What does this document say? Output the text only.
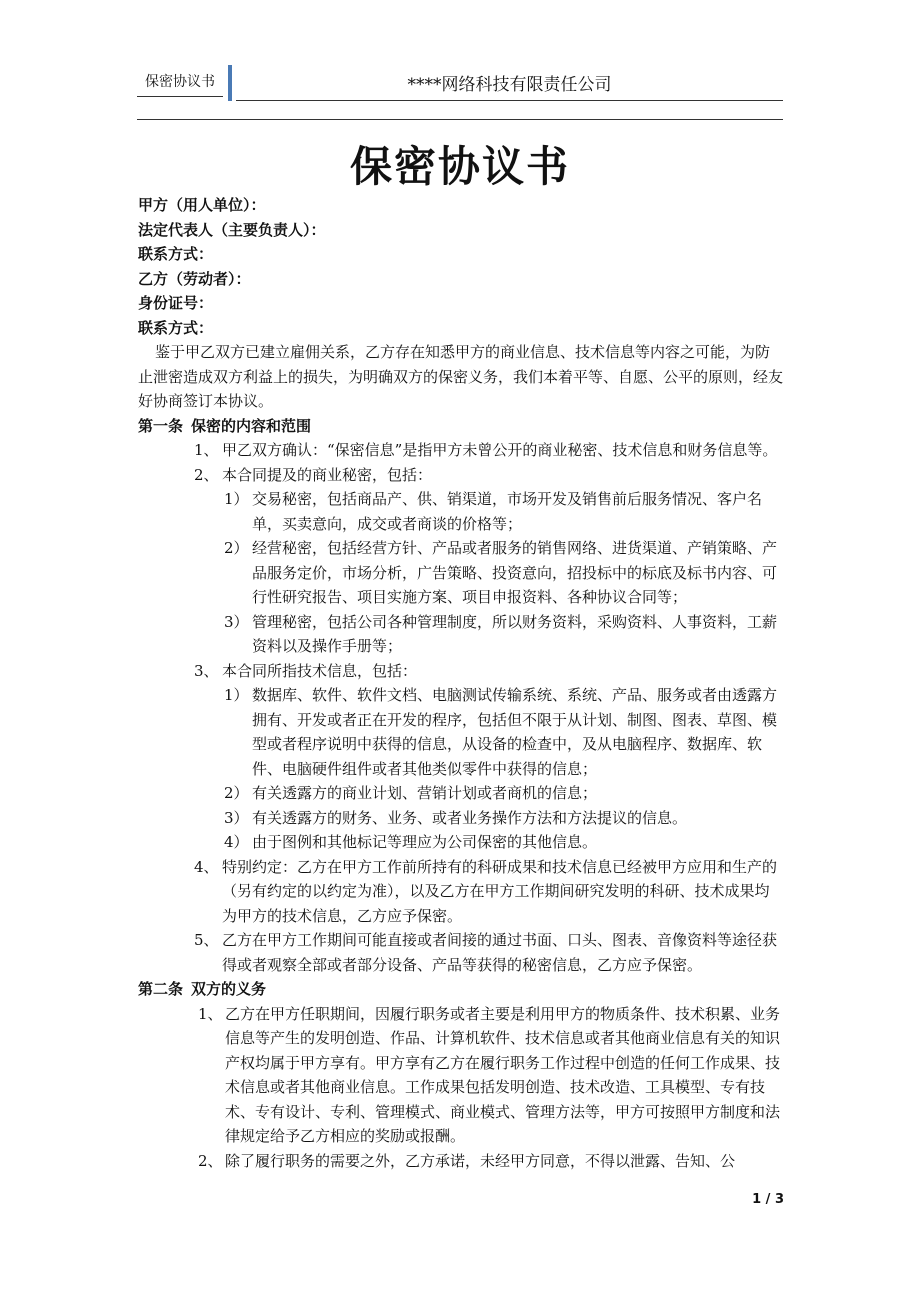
保密协议书	****网络科技有限责任公司
保密协议书

甲方（用人单位）：

法定代表人（主要负责人）：

联系方式：

乙方（劳动者）：

身份证号：

联系方式：

鉴于甲乙双方已建立雇佣关系，乙方存在知悉甲方的商业信息、技术信息等内容之可能，为防止泄密造成双方利益上的损失，为明确双方的保密义务，我们本着平等、自愿、公平的原则，经友好协商签订本协议。

第一条 保密的内容和范围

1、 甲乙双方确认：“保密信息”是指甲方未曾公开的商业秘密、技术信息和财务信息等。

2、 本合同提及的商业秘密，包括：

1） 交易秘密，包括商品产、供、销渠道，市场开发及销售前后服务情况、客户名单，买卖意向，成交或者商谈的价格等；

2） 经营秘密，包括经营方针、产品或者服务的销售网络、进货渠道、产销策略、产品服务定价，市场分析，广告策略、投资意向，招投标中的标底及标书内容、可行性研究报告、项目实施方案、项目申报资料、各种协议合同等；

3） 管理秘密，包括公司各种管理制度，所以财务资料，采购资料、人事资料，工薪资料以及操作手册等；

3、 本合同所指技术信息，包括：

1） 数据库、软件、软件文档、电脑测试传输系统、系统、产品、服务或者由透露方拥有、开发或者正在开发的程序，包括但不限于从计划、制图、图表、草图、模型或者程序说明中获得的信息，从设备的检查中，及从电脑程序、数据库、软件、电脑硬件组件或者其他类似零件中获得的信息；

2） 有关透露方的商业计划、营销计划或者商机的信息；

3） 有关透露方的财务、业务、或者业务操作方法和方法提议的信息。

4） 由于图例和其他标记等理应为公司保密的其他信息。

4、 特别约定：乙方在甲方工作前所持有的科研成果和技术信息已经被甲方应用和生产的（另有约定的以约定为准），以及乙方在甲方工作期间研究发明的科研、技术成果均为甲方的技术信息，乙方应予保密。

5、 乙方在甲方工作期间可能直接或者间接的通过书面、口头、图表、音像资料等途径获得或者观察全部或者部分设备、产品等获得的秘密信息，乙方应予保密。

第二条 双方的义务

1、 乙方在甲方任职期间，因履行职务或者主要是利用甲方的物质条件、技术积累、业务信息等产生的发明创造、作品、计算机软件、技术信息或者其他商业信息有关的知识产权均属于甲方享有。甲方享有乙方在履行职务工作过程中创造的任何工作成果、技术信息或者其他商业信息。工作成果包括发明创造、技术改造、工具模型、专有技术、专有设计、专利、管理模式、商业模式、管理方法等，甲方可按照甲方制度和法律规定给予乙方相应的奖励或报酬。

2、 除了履行职务的需要之外，乙方承诺，未经甲方同意，不得以泄露、告知、公

1 / 3
